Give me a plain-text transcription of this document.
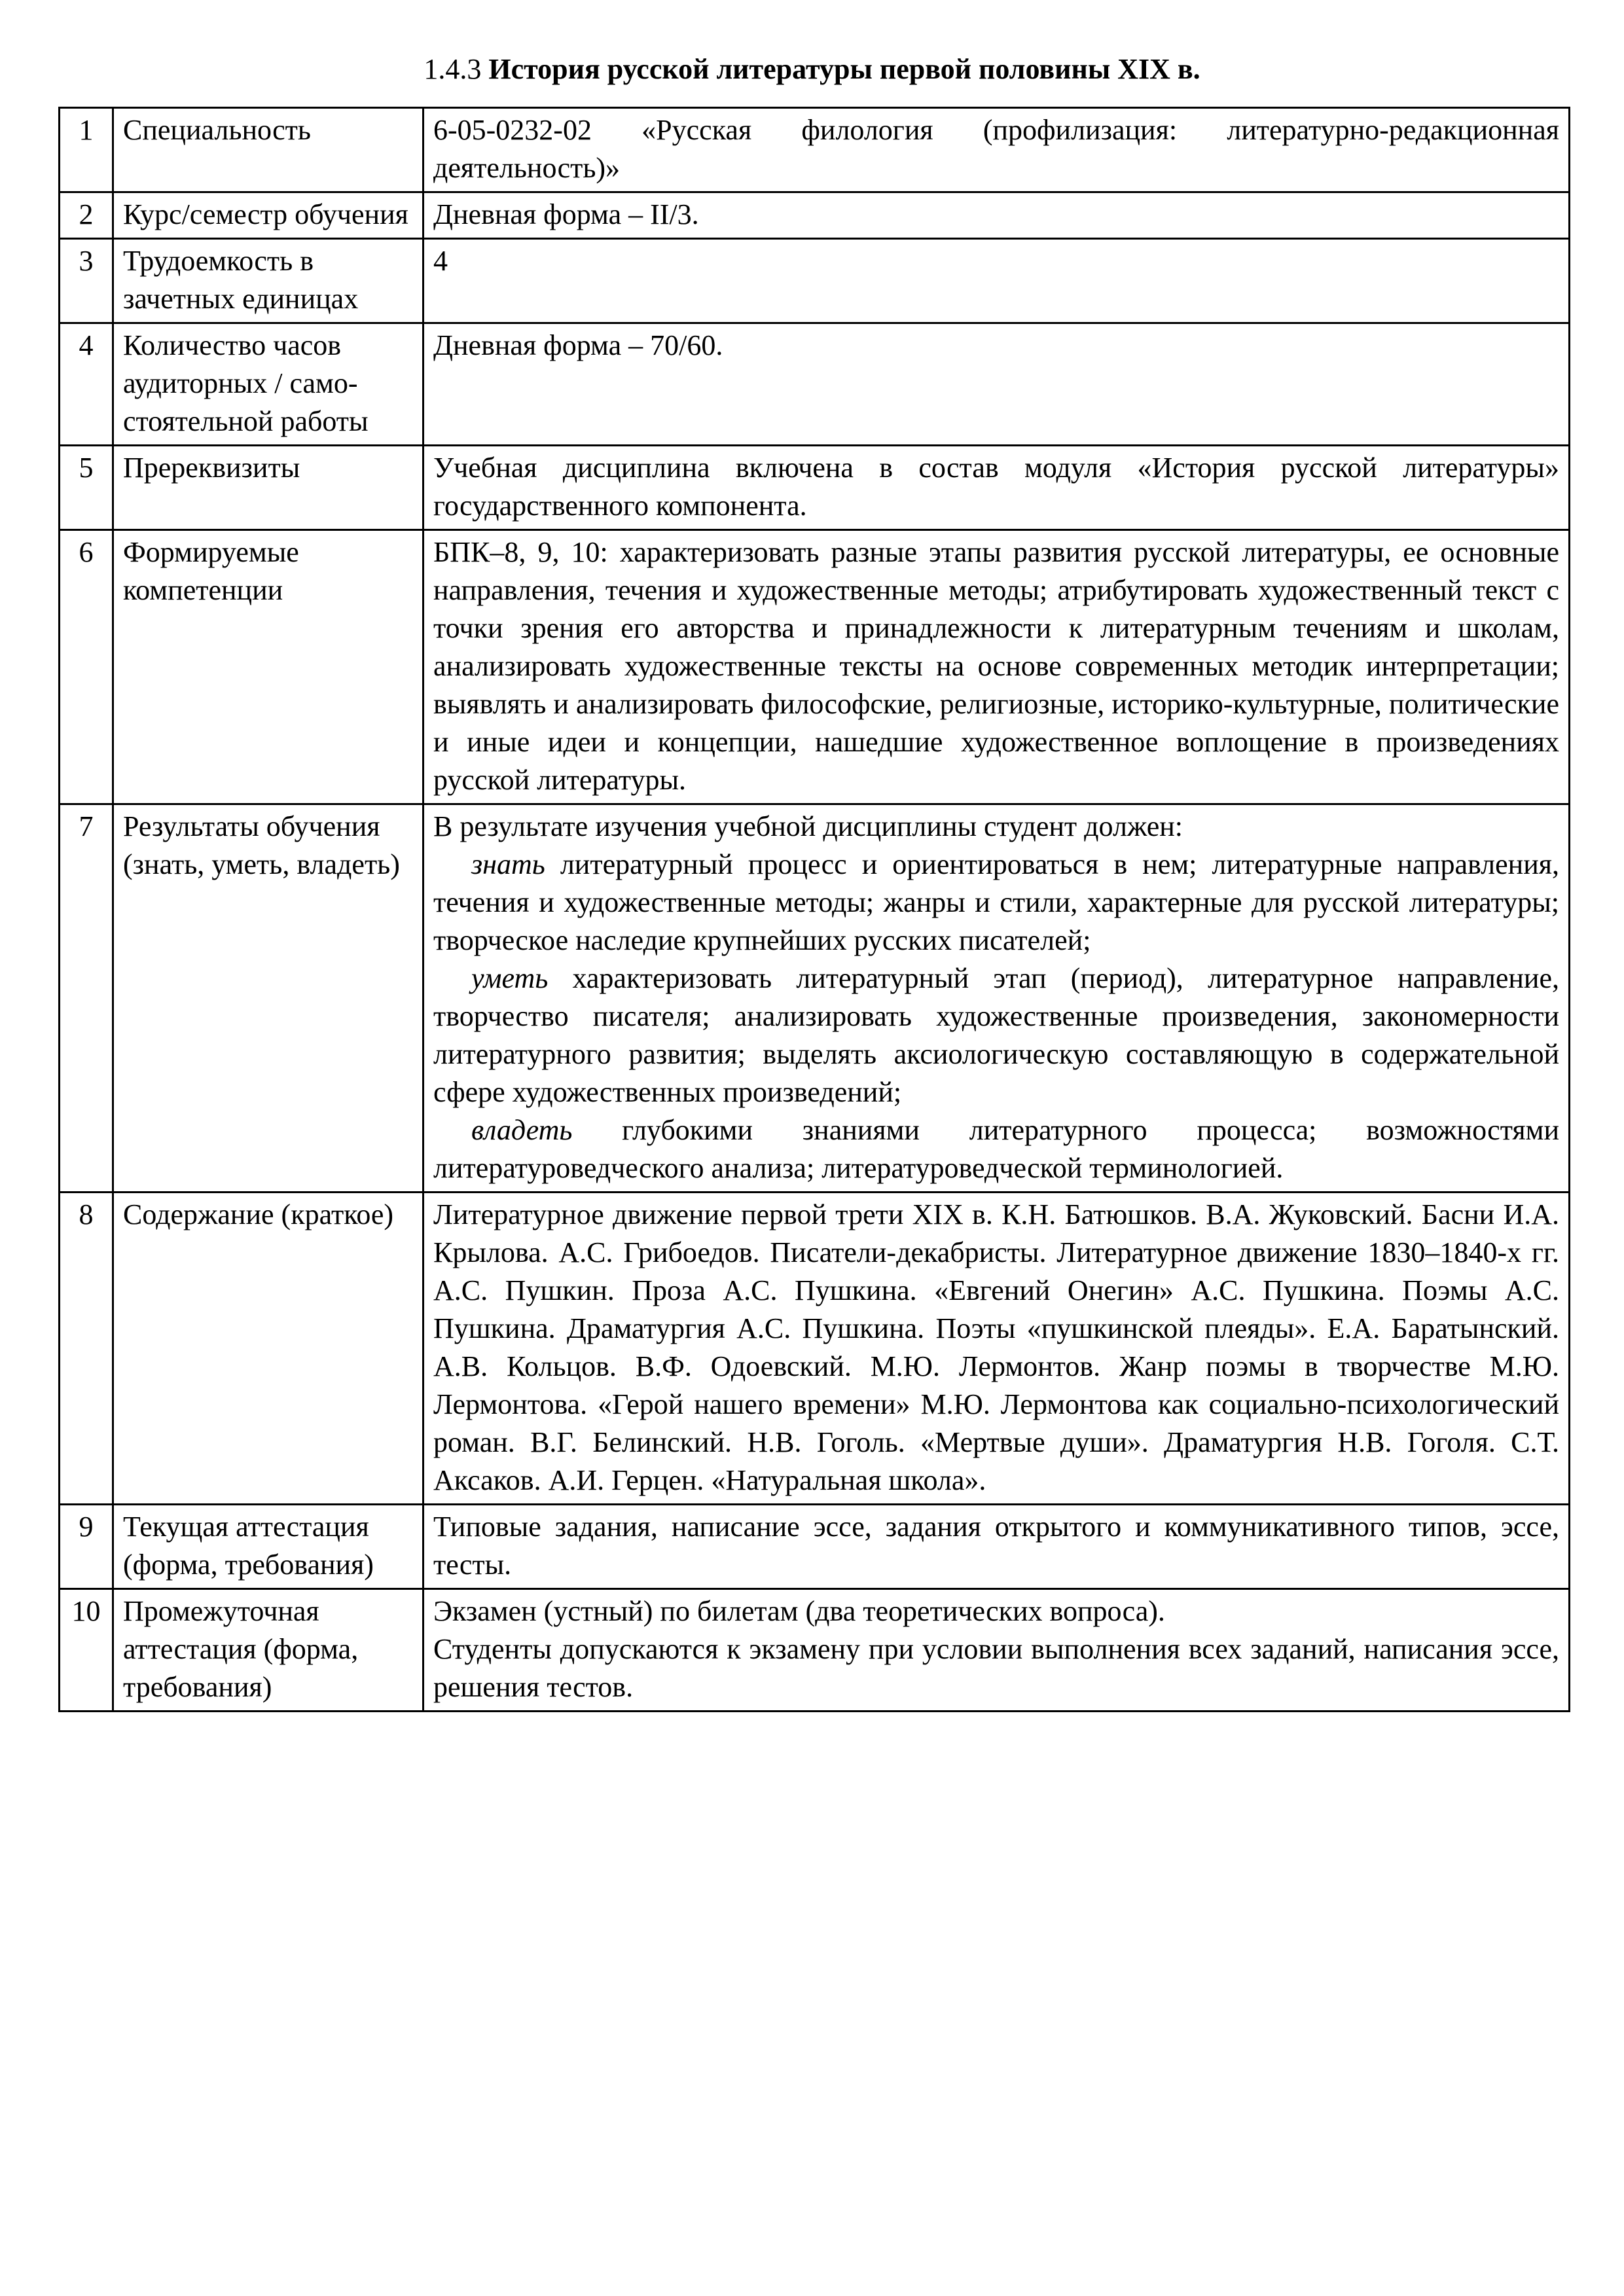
1.4.3 История русской литературы первой половины XIX в.
1	Специальность	6-05-0232-02 «Русская филология (профилизация: литературно-редакционная деятельность)»

2	Курс/семестр обучения	Дневная форма – II/3.

3	Трудоемкость в зачетных единицах	4

4	Количество часов аудиторных / само-стоятельной работы	Дневная форма – 70/60.

5	Пререквизиты	Учебная дисциплина включена в состав модуля «История русской литературы» государственного компонента.

6	Формируемые компетенции	БПК–8, 9, 10: характеризовать разные этапы развития русской литературы, ее основные направления, течения и художественные методы; атрибутировать художественный текст с точки зрения его авторства и принадлежности к литературным течениям и школам, анализировать художественные тексты на основе современных методик интерпретации; выявлять и анализировать философские, религиозные, историко-культурные, политические и иные идеи и концепции, нашедшие художественное воплощение в произведениях русской литературы.

7	Результаты обучения (знать, уметь, владеть)	В результате изучения учебной дисциплины студент должен:

знать литературный процесс и ориентироваться в нем; литературные направления, течения и художественные методы; жанры и стили, характерные для русской литературы; творческое наследие крупнейших русских писателей;

уметь характеризовать литературный этап (период), литературное направление, творчество писателя; анализировать художественные произведения, закономерности литературного развития; выделять аксиологическую составляющую в содержательной сфере художественных произведений;

владеть глубокими знаниями литературного процесса; возможностями литературоведческого анализа; литературоведческой терминологией.

8	Содержание (краткое)	Литературное движение первой трети XIX в. К.Н. Батюшков. В.А. Жуковский. Басни И.А. Крылова. А.С. Грибоедов. Писатели-декабристы. Литературное движение 1830–1840-х гг. А.С. Пушкин. Проза А.С. Пушкина. «Евгений Онегин» А.С. Пушкина. Поэмы А.С. Пушкина. Драматургия А.С. Пушкина. Поэты «пушкинской плеяды». Е.А. Баратынский. А.В. Кольцов. В.Ф. Одоевский. М.Ю. Лермонтов. Жанр поэмы в творчестве М.Ю. Лермонтова. «Герой нашего времени» М.Ю. Лермонтова как социально-психологический роман. В.Г. Белинский. Н.В. Гоголь. «Мертвые души». Драматургия Н.В. Гоголя. С.Т. Аксаков. А.И. Герцен. «Натуральная школа».

9	Текущая аттестация (форма, требования)	Типовые задания, написание эссе, задания открытого и коммуникативного типов, эссе, тесты.

10	Промежуточная аттестация (форма, требования)	Экзамен (устный) по билетам (два теоретических вопроса).

Студенты допускаются к экзамену при условии выполнения всех заданий, написания эссе, решения тестов.
